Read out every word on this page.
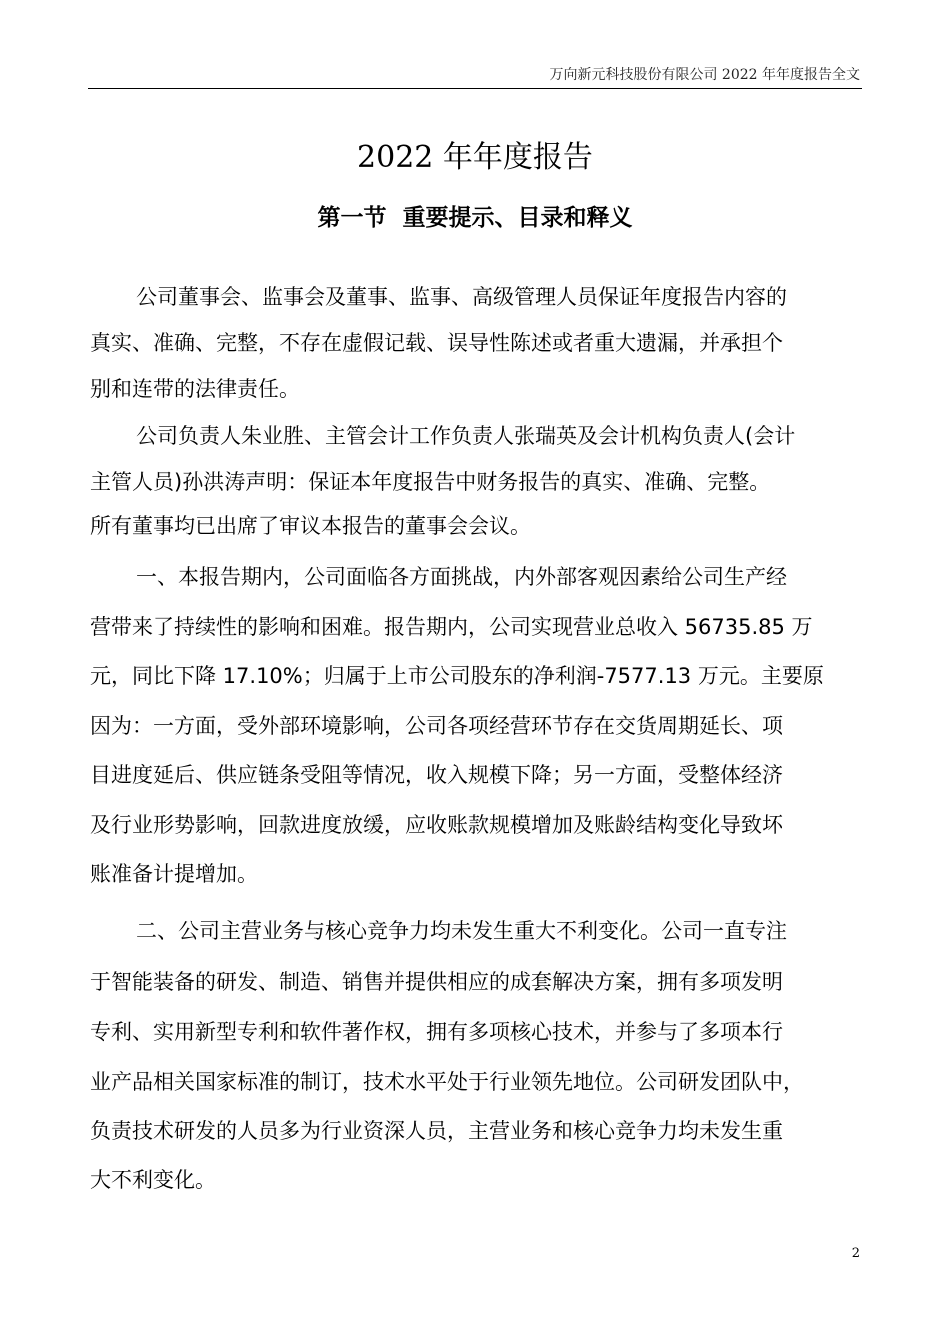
万向新元科技股份有限公司 2022 年年度报告全文
2022 年年度报告
第一节  重要提示、目录和释义

公司董事会、监事会及董事、监事、高级管理人员保证年度报告内容的

真实、准确、完整，不存在虚假记载、误导性陈述或者重大遗漏，并承担个

别和连带的法律责任。

公司负责人朱业胜、主管会计工作负责人张瑞英及会计机构负责人(会计

主管人员)孙洪涛声明：保证本年度报告中财务报告的真实、准确、完整。

所有董事均已出席了审议本报告的董事会会议。

一、本报告期内，公司面临各方面挑战，内外部客观因素给公司生产经

营带来了持续性的影响和困难。报告期内，公司实现营业总收入 56735.85 万

元，同比下降 17.10%；归属于上市公司股东的净利润-7577.13 万元。主要原

因为：一方面，受外部环境影响，公司各项经营环节存在交货周期延长、项

目进度延后、供应链条受阻等情况，收入规模下降；另一方面，受整体经济

及行业形势影响，回款进度放缓，应收账款规模增加及账龄结构变化导致坏

账准备计提增加。

二、公司主营业务与核心竞争力均未发生重大不利变化。公司一直专注

于智能装备的研发、制造、销售并提供相应的成套解决方案，拥有多项发明

专利、实用新型专利和软件著作权，拥有多项核心技术，并参与了多项本行

业产品相关国家标准的制订，技术水平处于行业领先地位。公司研发团队中，

负责技术研发的人员多为行业资深人员，主营业务和核心竞争力均未发生重

大不利变化。

2
